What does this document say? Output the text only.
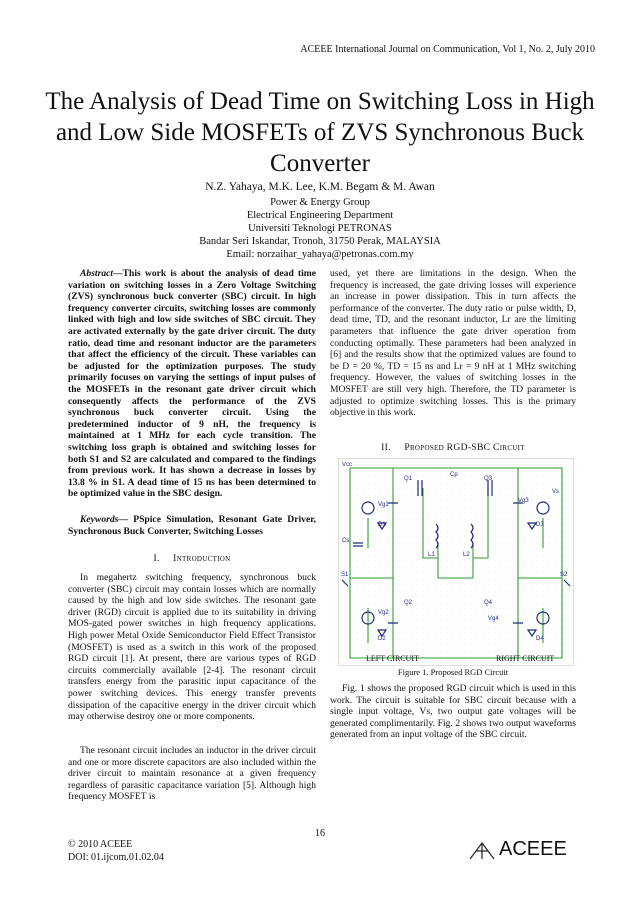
ACEEE International Journal on Communication, Vol 1, No. 2, July 2010
The Analysis of Dead Time on Switching Loss in High and Low Side MOSFETs of ZVS Synchronous Buck Converter
N.Z. Yahaya, M.K. Lee, K.M. Begam & M. Awan
Power & Energy Group
Electrical Engineering Department
Universiti Teknologi PETRONAS
Bandar Seri Iskandar, Tronoh, 31750 Perak, MALAYSIA
Email: norzaihar_yahaya@petronas.com.my

Abstract—This work is about the analysis of dead time variation on switching losses in a Zero Voltage Switching (ZVS) synchronous buck converter (SBC) circuit. In high frequency converter circuits, switching losses are commonly linked with high and low side switches of SBC circuit. They are activated externally by the gate driver circuit. The duty ratio, dead time and resonant inductor are the parameters that affect the efficiency of the circuit. These variables can be adjusted for the optimization purposes. The study primarily focuses on varying the settings of input pulses of the MOSFETs in the resonant gate driver circuit which consequently affects the performance of the ZVS synchronous buck converter circuit. Using the predetermined inductor of 9 nH, the frequency is maintained at 1 MHz for each cycle transition. The switching loss graph is obtained and switching losses for both S1 and S2 are calculated and compared to the findings from previous work. It has shown a decrease in losses by 13.8 % in S1. A dead time of 15 ns has been determined to be optimized value in the SBC design.

Keywords— PSpice Simulation, Resonant Gate Driver, Synchronous Buck Converter, Switching Losses

I. Introduction

In megahertz switching frequency, synchronous buck converter (SBC) circuit may contain losses which are normally caused by the high and low side switches. The resonant gate driver (RGD) circuit is applied due to its suitability in driving MOS-gated power switches in high frequency applications. High power Metal Oxide Semiconductor Field Effect Transistor (MOSFET) is used as a switch in this work of the proposed RGD circuit [1]. At present, there are various types of RGD circuits commercially available [2-4]. The resonant circuit transfers energy from the parasitic input capacitance of the power switching devices. This energy transfer prevents dissipation of the capacitive energy in the driver circuit which may otherwise destroy one or more components.

The resonant circuit includes an inductor in the driver circuit and one or more discrete capacitors are also included within the driver circuit to maintain resonance at a given frequency regardless of parasitic capacitance variation [5]. Although high frequency MOSFET is

used, yet there are limitations in the design. When the frequency is increased, the gate driving losses will experience an increase in power dissipation. This in turn affects the performance of the converter. The duty ratio or pulse width, D, dead time, TD, and the resonant inductor, Lr are the limiting parameters that influence the gate driver operation from conducting optimally. These parameters had been analyzed in [6] and the results show that the optimized values are found to be D = 20 %, TD = 15 ns and Lr = 9 nH at 1 MHz switching frequency. However, the values of switching losses in the MOSFET are still very high. Therefore, the TD parameter is adjusted to optimize switching losses. This is the primary objective in this work.

II. Proposed RGD-SBC Circuit
Vcc
Cp
Q1	Q3
Vg1
Vg3
D1	D3
Cs
L1	L2
S1	S2
Q2	Q4
Vg2
Vg4
D2	D4
Vs
LEFT CIRCUIT	RIGHT CIRCUIT
Figure 1. Proposed RGD Circuit

Fig. 1 shows the proposed RGD circuit which is used in this work. The circuit is suitable for SBC circuit because with a single input voltage, Vs, two output gate voltages will be generated complimentarily. Fig. 2 shows two output waveforms generated from an input voltage of the SBC circuit.

16
© 2010 ACEEE
DOI: 01.ijcom.01.02.04	ACEEE
